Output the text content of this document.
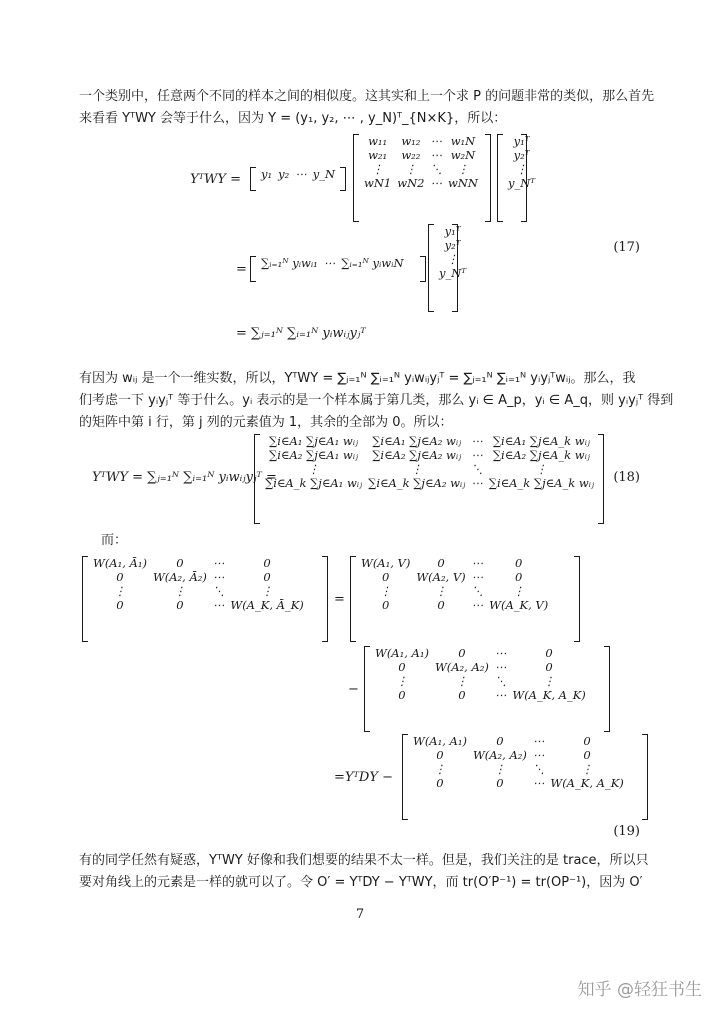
一个类别中，任意两个不同的样本之间的相似度。这其实和上一个求 P 的问题非常的类似，那么首先
来看看 YᵀWY 会等于什么，因为 Y = (y₁, y₂, ⋯ , y_N)ᵀ_{N×K}，所以：
YᵀWY = y₁	y₂	⋯	y_N
w₁₁	w₁₂	⋯	w₁N
w₂₁	w₂₂	⋯	w₂N
⋮	⋮	⋱	⋮
wN1	wN2	⋯	wNN
y₁ᵀ
y₂ᵀ
⋮
y_Nᵀ
= ∑ᵢ₌₁ᴺ yᵢwᵢ₁	⋯	∑ᵢ₌₁ᴺ yᵢwᵢN
y₁ᵀ
y₂ᵀ
⋮
y_Nᵀ
= ∑ⱼ₌₁ᴺ ∑ᵢ₌₁ᴺ yᵢwᵢⱼyⱼᵀ
(17)
有因为 wᵢⱼ 是一个一维实数，所以，YᵀWY = ∑ⱼ₌₁ᴺ ∑ᵢ₌₁ᴺ yᵢwᵢⱼyⱼᵀ = ∑ⱼ₌₁ᴺ ∑ᵢ₌₁ᴺ yᵢyⱼᵀwᵢⱼ。那么，我
们考虑一下 yᵢyⱼᵀ 等于什么。yᵢ 表示的是一个样本属于第几类，那么 yᵢ ∈ A_p，yᵢ ∈ A_q，则 yᵢyⱼᵀ 得到
的矩阵中第 i 行，第 j 列的元素值为 1，其余的全部为 0。所以：
YᵀWY = ∑ⱼ₌₁ᴺ ∑ᵢ₌₁ᴺ yᵢwᵢⱼyⱼᵀ =
∑i∈A₁ ∑j∈A₁ wᵢⱼ	∑i∈A₁ ∑j∈A₂ wᵢⱼ	⋯	∑i∈A₁ ∑j∈A_k wᵢⱼ
∑i∈A₂ ∑j∈A₁ wᵢⱼ	∑i∈A₂ ∑j∈A₂ wᵢⱼ	⋯	∑i∈A₂ ∑j∈A_k wᵢⱼ
⋮	⋮	⋱	⋮
∑i∈A_k ∑j∈A₁ wᵢⱼ	∑i∈A_k ∑j∈A₂ wᵢⱼ	⋯	∑i∈A_k ∑j∈A_k wᵢⱼ (18)
而：
W(A₁, Ā₁)	0	⋯	0
0	W(A₂, Ā₂)	⋯	0
⋮	⋮	⋱	⋮
0	0	⋯	W(A_K, Ā_K) =
W(A₁, V)	0	⋯	0
0	W(A₂, V)	⋯	0
⋮	⋮	⋱	⋮
0	0	⋯	W(A_K, V)
−
W(A₁, A₁)	0	⋯	0
0	W(A₂, A₂)	⋯	0
⋮	⋮	⋱	⋮
0	0	⋯	W(A_K, A_K)
=YᵀDY −
W(A₁, A₁)	0	⋯	0
0	W(A₂, A₂)	⋯	0
⋮	⋮	⋱	⋮
0	0	⋯	W(A_K, A_K)
(19)
有的同学任然有疑惑，YᵀWY 好像和我们想要的结果不太一样。但是，我们关注的是 trace，所以只
要对角线上的元素是一样的就可以了。令 O′ = YᵀDY − YᵀWY，而 tr(O′P⁻¹) = tr(OP⁻¹)，因为 O′
7
知乎 @轻狂书生
